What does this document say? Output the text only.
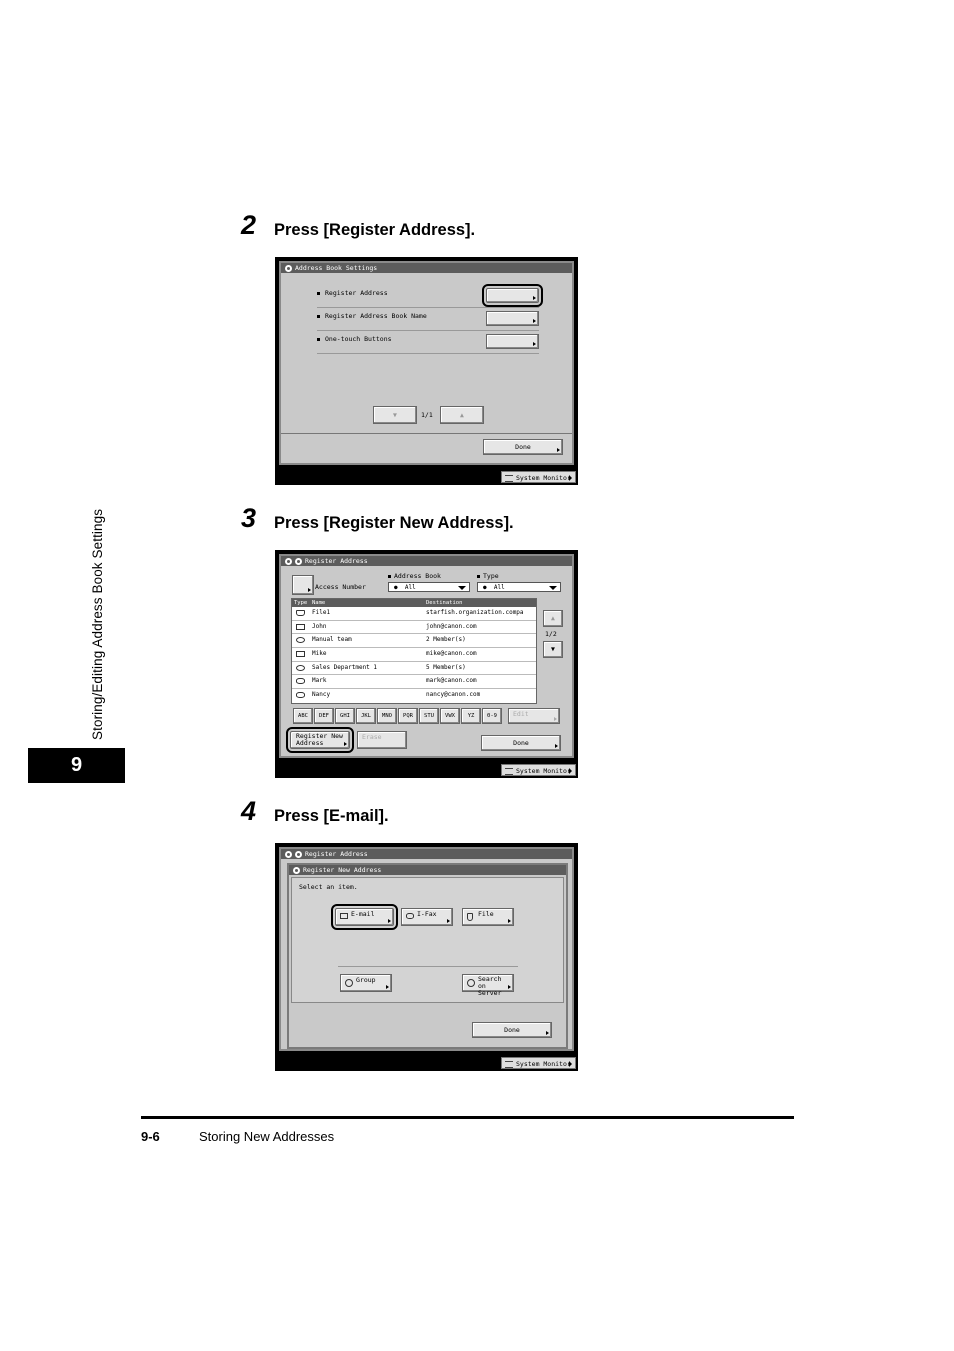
Storing/Editing Address Book Settings
9
2 Press [Register Address].
Address Book Settings
Register Address
Register Address Book Name
One-touch Buttons
▼	1/1	▲
Done
System Monitor
3 Press [Register New Address].
Register Address
Access Number
Address Book
●  All
Type
●  All
Type Name	Destination
File1	starfish.organization.compa
John	john@canon.com
Manual team	2 Member(s)
Mike	mike@canon.com
Sales Department 1	5 Member(s)
Mark	mark@canon.com
Nancy	nancy@canon.com
▲
1/2
▼
ABC	DEF	GHI	JKL	MNO	PQR	STU	VWX	YZ	0-9	Edit
Register New Address
Erase
Done
System Monitor
4 Press [E-mail].
Register Address
Register New Address
Select an item.
E-mail	I-Fax	File
Group	Search on Server
Done
System Monitor
9-6	Storing New Addresses
